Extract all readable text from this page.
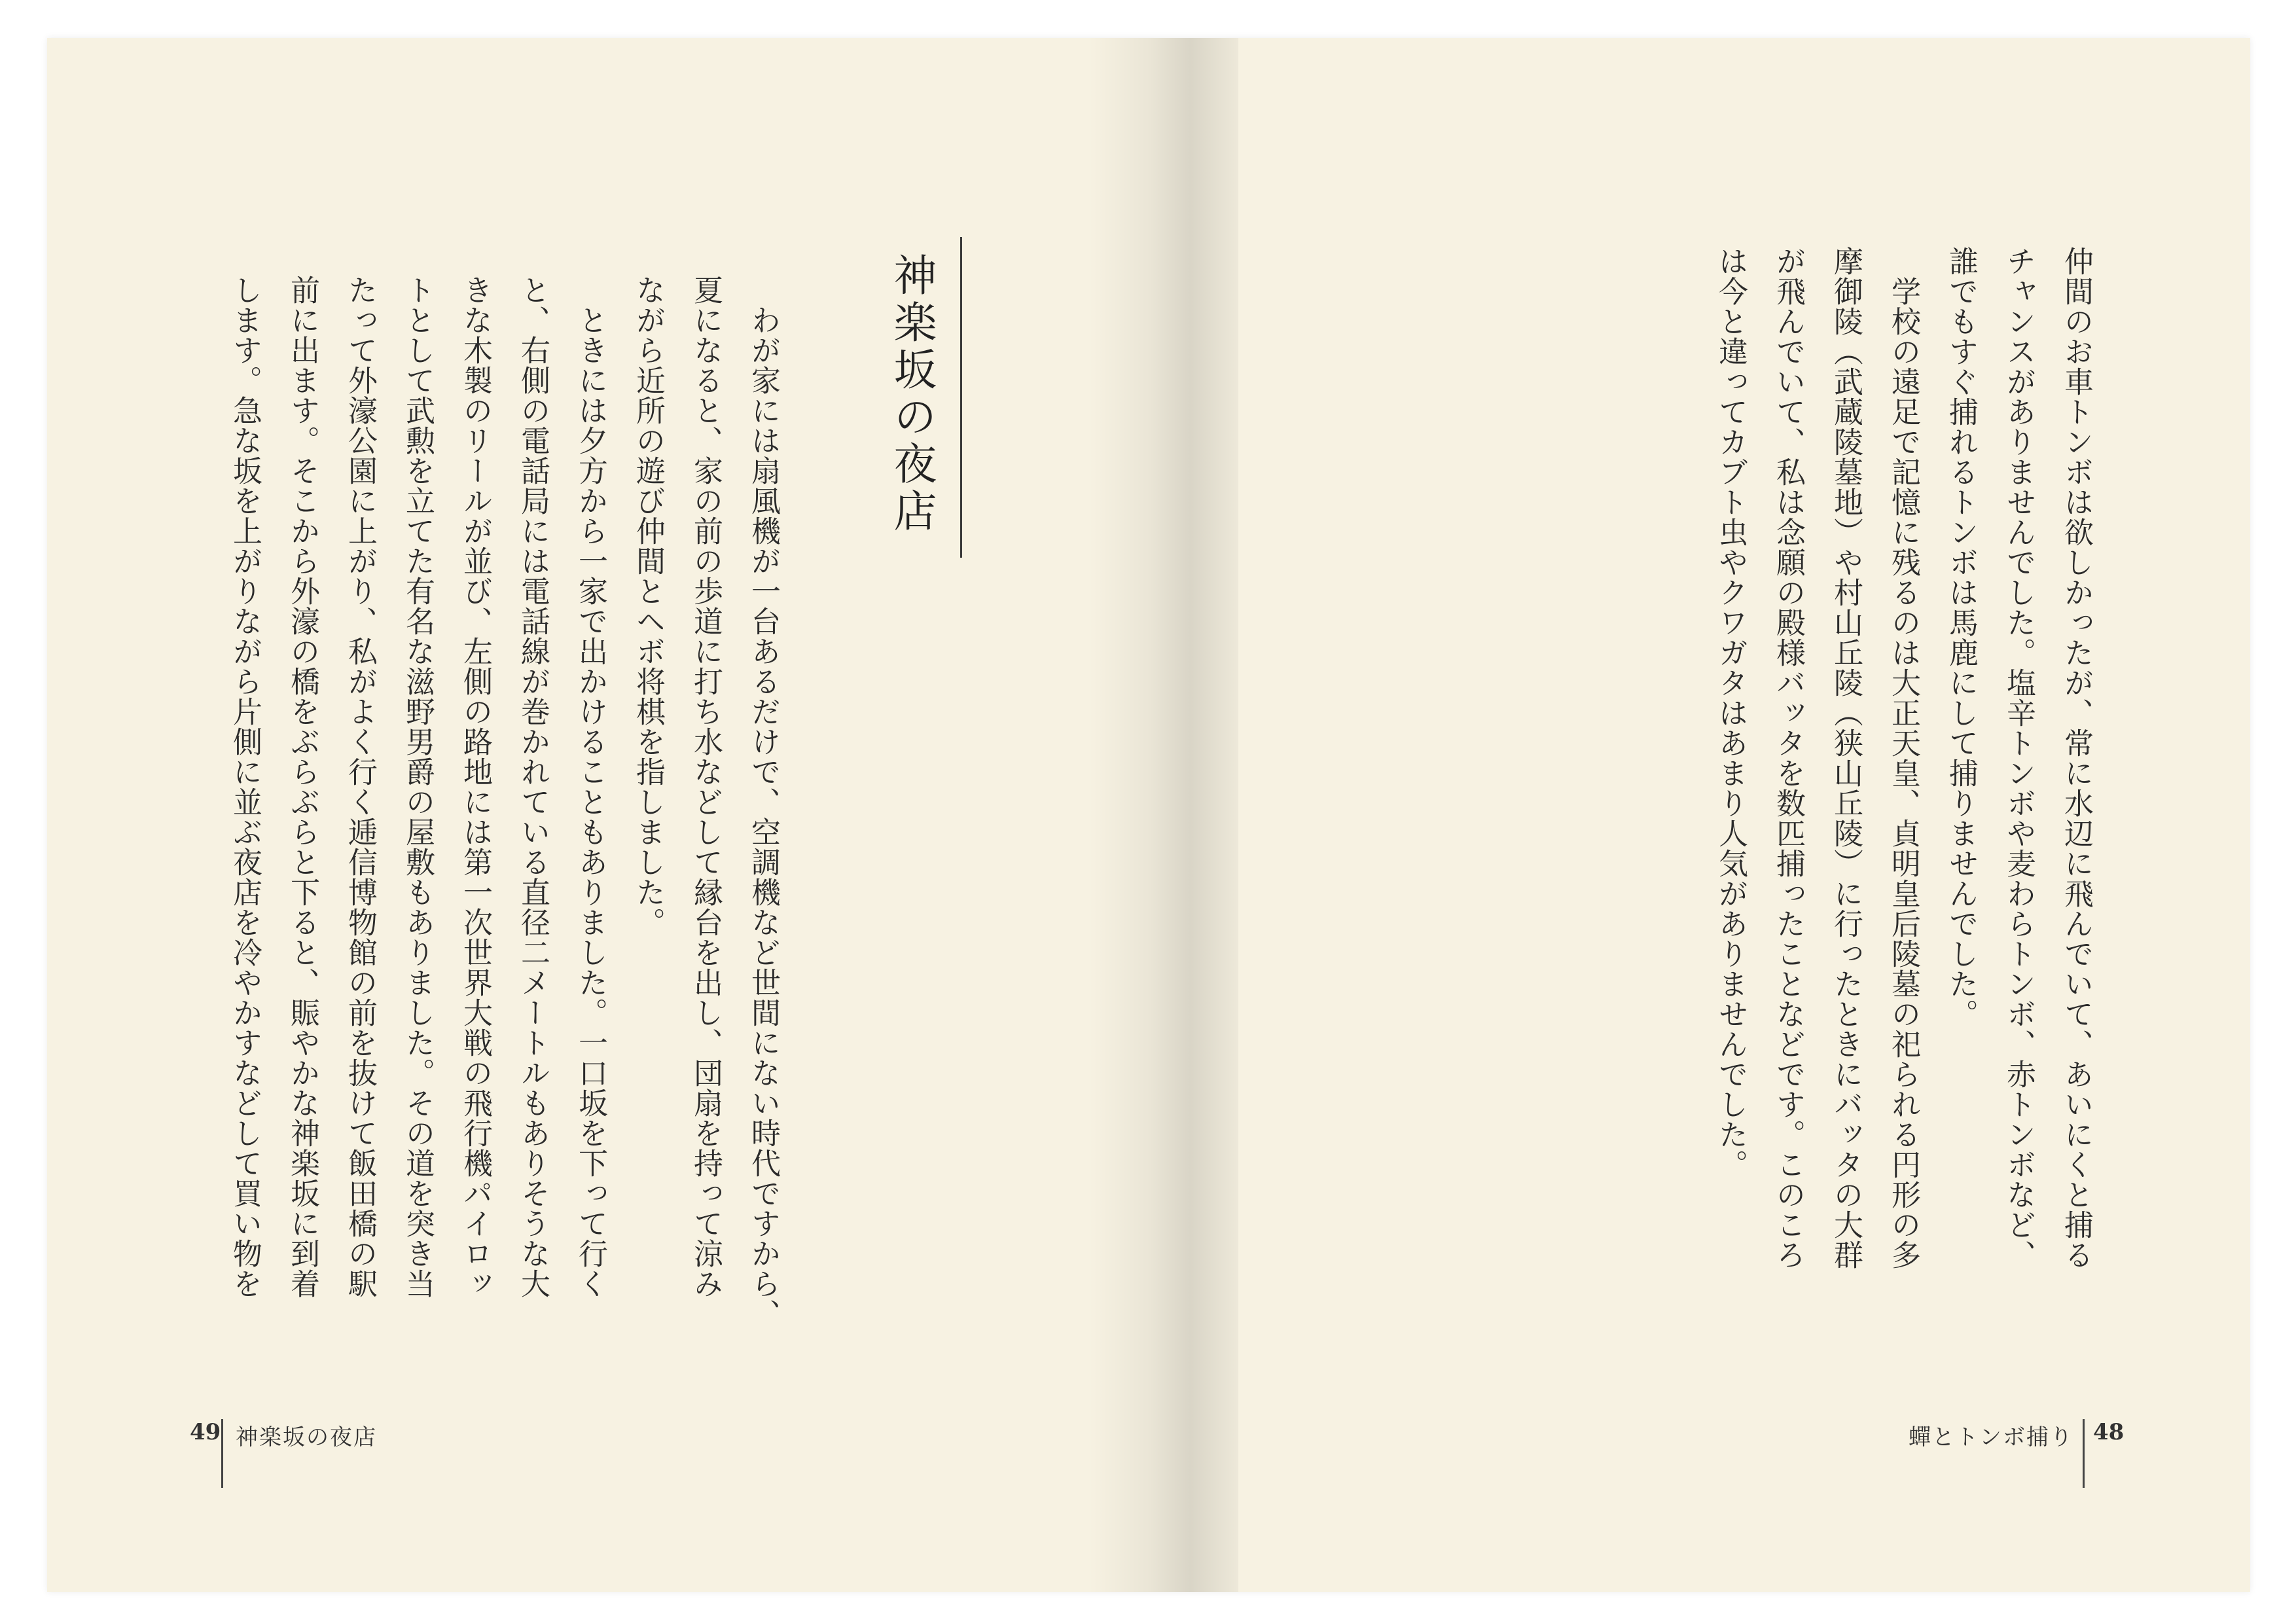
神楽坂の夜店
　わが家には扇風機が一台あるだけで、空調機など世間にない時代ですから、
夏になると、家の前の歩道に打ち水などして縁台を出し、団扇を持って涼み
ながら近所の遊び仲間とヘボ将棋を指しました。
　ときには夕方から一家で出かけることもありました。一口坂を下って行く
と、右側の電話局には電話線が巻かれている直径二メートルもありそうな大
きな木製のリールが並び、左側の路地には第一次世界大戦の飛行機パイロッ
トとして武勲を立てた有名な滋野男爵の屋敷もありました。その道を突き当
たって外濠公園に上がり、私がよく行く逓信博物館の前を抜けて飯田橋の駅
前に出ます。そこから外濠の橋をぶらぶらと下ると、賑やかな神楽坂に到着
します。急な坂を上がりながら片側に並ぶ夜店を冷やかすなどして買い物を
49 神楽坂の夜店
仲間のお車トンボは欲しかったが、常に水辺に飛んでいて、あいにくと捕る
チャンスがありませんでした。塩辛トンボや麦わらトンボ、赤トンボなど、
誰でもすぐ捕れるトンボは馬鹿にして捕りませんでした。
　学校の遠足で記憶に残るのは大正天皇、貞明皇后陵墓の祀られる円形の多
摩御陵（武蔵陵墓地）や村山丘陵（狭山丘陵）に行ったときにバッタの大群
が飛んでいて、私は念願の殿様バッタを数匹捕ったことなどです。このころ
は今と違ってカブト虫やクワガタはあまり人気がありませんでした。
蟬とトンボ捕り 48
